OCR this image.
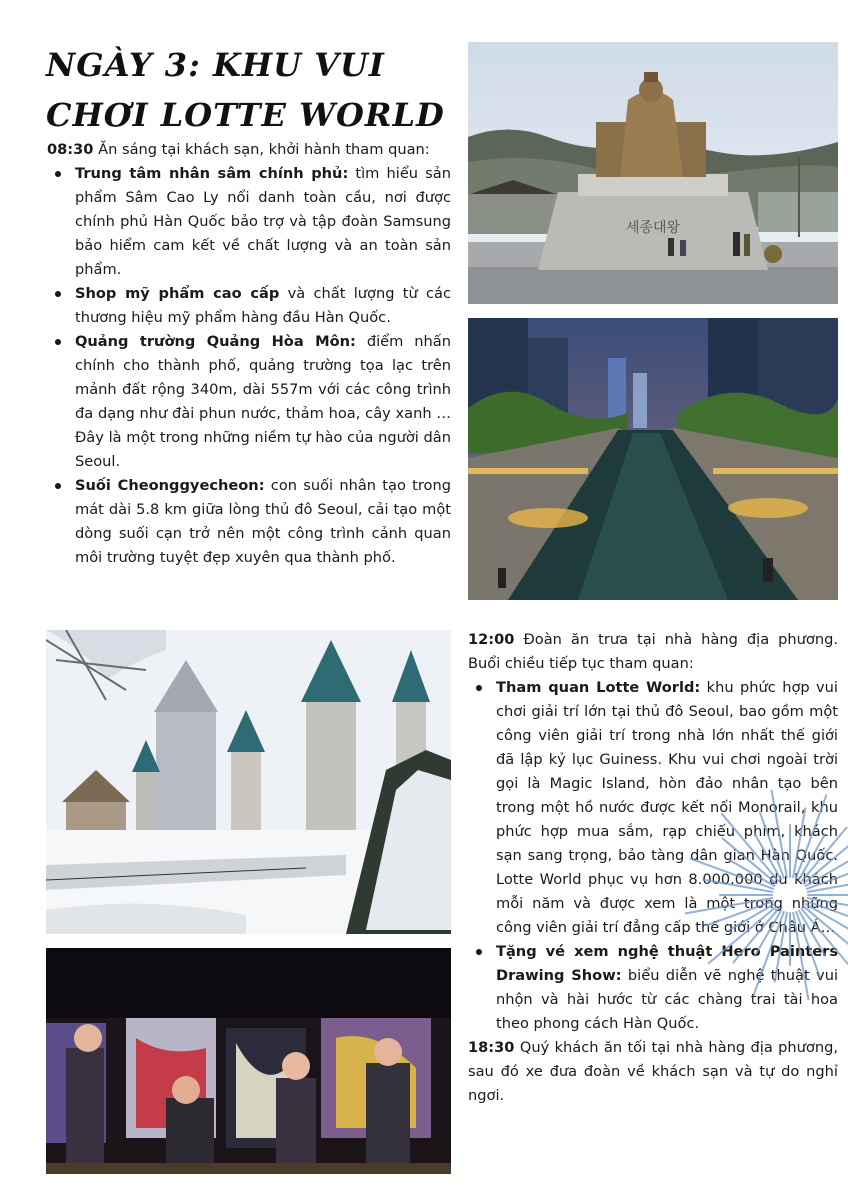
NGÀY 3: KHU VUI CHƠI LOTTE WORLD

08:30 Ăn sáng tại khách sạn, khởi hành tham quan:

Trung tâm nhân sâm chính phủ: tìm hiểu sản phẩm Sâm Cao Ly nổi danh toàn cầu, nơi được chính phủ Hàn Quốc bảo trợ và tập đoàn Samsung bảo hiểm cam kết về chất lượng và an toàn sản phẩm.
Shop mỹ phẩm cao cấp và chất lượng từ các thương hiệu mỹ phẩm hàng đầu Hàn Quốc.
Quảng trường Quảng Hòa Môn: điểm nhấn chính cho thành phố, quảng trường tọa lạc trên mảnh đất rộng 340m, dài 557m với các công trình đa dạng như đài phun nước, thảm hoa, cây xanh … Đây là một trong những niềm tự hào của người dân Seoul.
Suối Cheonggyecheon: con suối nhân tạo trong mát dài 5.8 km giữa lòng thủ đô Seoul, cải tạo một dòng suối cạn trở nên một công trình cảnh quan môi trường tuyệt đẹp xuyên qua thành phố.

12:00 Đoàn ăn trưa tại nhà hàng địa phương. Buổi chiều tiếp tục tham quan:

Tham quan Lotte World: khu phức hợp vui chơi giải trí lớn tại thủ đô Seoul, bao gồm một công viên giải trí trong nhà lớn nhất thế giới đã lập kỷ lục Guiness. Khu vui chơi ngoài trời gọi là Magic Island, hòn đảo nhân tạo bên trong một hồ nước được kết nối Monorail, khu phức hợp mua sắm, rạp chiếu phim, khách sạn sang trọng, bảo tàng dân gian Hàn Quốc. Lotte World phục vụ hơn 8.000.000 du khách mỗi năm và được xem là một trong những công viên giải trí đẳng cấp thế giới ở Châu Á…
Tặng vé xem nghệ thuật Hero Painters Drawing Show: biểu diễn vẽ nghệ thuật vui nhộn và hài hước từ các chàng trai tài hoa theo phong cách Hàn Quốc.

18:30 Quý khách ăn tối tại nhà hàng địa phương, sau đó xe đưa đoàn về khách sạn và tự do nghỉ ngơi.

세종대왕
